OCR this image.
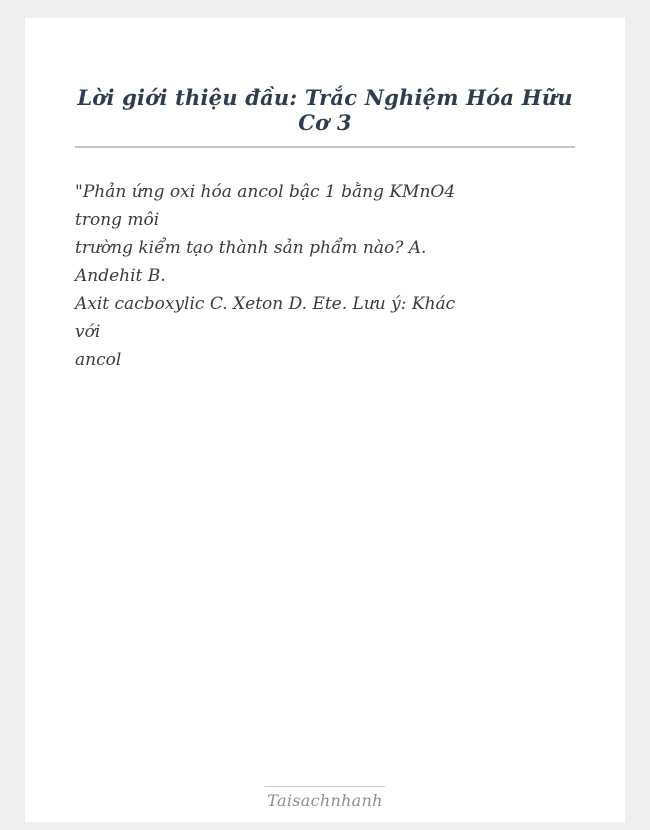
Lời giới thiệu đầu: Trắc Nghiệm Hóa Hữu Cơ 3
"Phản ứng oxi hóa ancol bậc 1 bằng KMnO4
trong môi
trường kiểm tạo thành sản phẩm nào? A.
Andehit B.
Axit cacboxylic C. Xeton D. Ete. Lưu ý: Khác
với
ancol
Taisachnhanh
